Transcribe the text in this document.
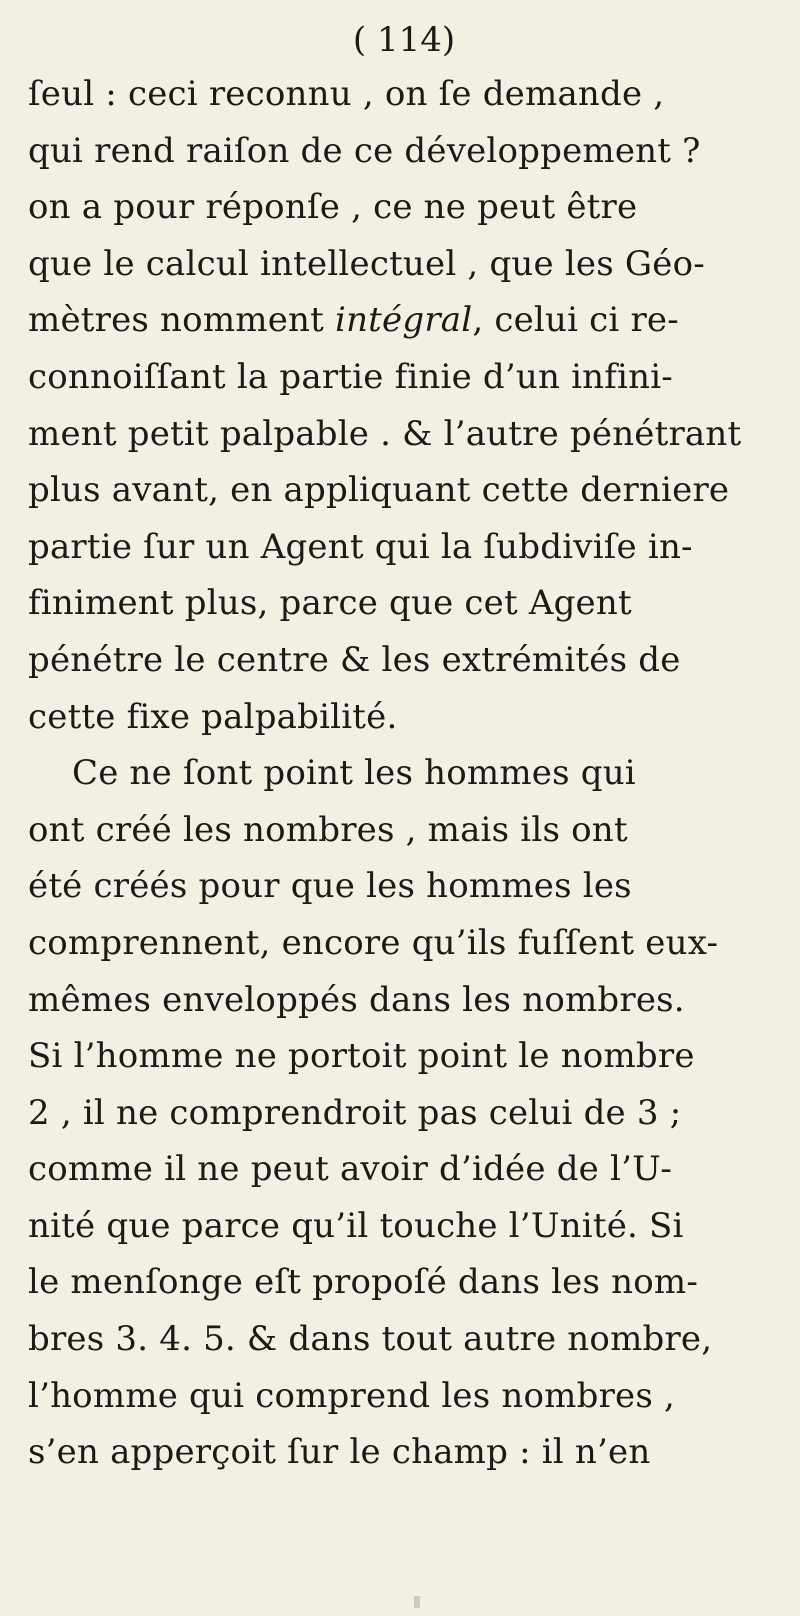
( 114)
ſeul : ceci reconnu , on ſe demande ,
qui rend raiſon de ce développement ?
on a pour réponſe , ce ne peut être
que le calcul intellectuel , que les Géo-
mètres nomment intégral, celui ci re-
connoiſſant la partie finie d’un infini-
ment petit palpable . & l’autre pénétrant
plus avant, en appliquant cette derniere
partie ſur un Agent qui la ſubdiviſe in-
finiment plus, parce que cet Agent
pénétre le centre & les extrémités de
cette fixe palpabilité.
Ce ne ſont point les hommes qui
ont créé les nombres , mais ils ont
été créés pour que les hommes les
comprennent, encore qu’ils fuſſent eux-
mêmes enveloppés dans les nombres.
Si l’homme ne portoit point le nombre
2 , il ne comprendroit pas celui de 3 ;
comme il ne peut avoir d’idée de l’U-
nité que parce qu’il touche l’Unité. Si
le menſonge eſt propoſé dans les nom-
bres 3. 4. 5. & dans tout autre nombre,
l’homme qui comprend les nombres ,
s’en apperçoit ſur le champ : il n’en
